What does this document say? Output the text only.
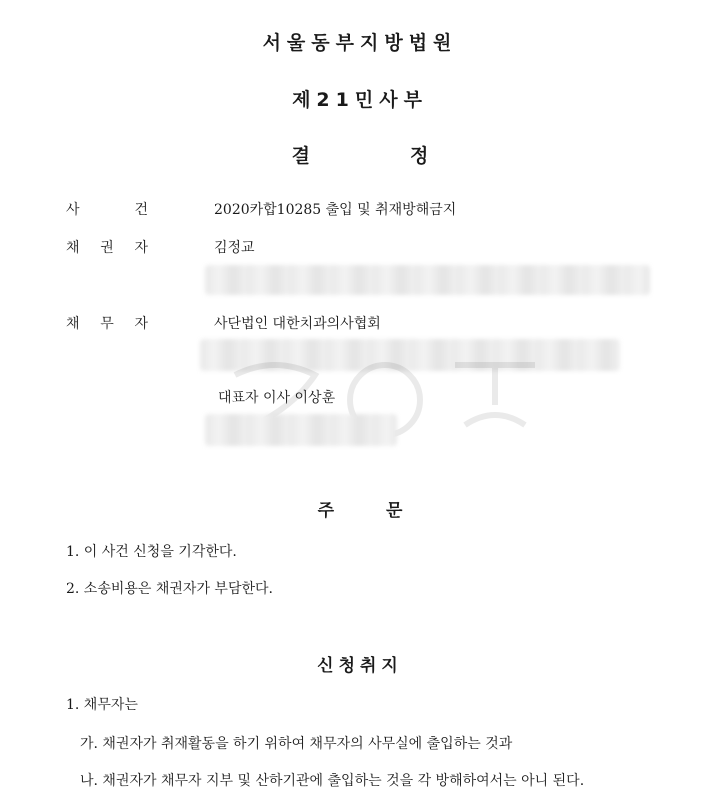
서울동부지방법원
제21민사부
결	정
사	건	2020카합10285 출입 및 취재방해금지
채 권 자	김정교
채 무 자	사단법인 대한치과의사협회
대표자 이사 이상훈
주	문
1. 이 사건 신청을 기각한다.
2. 소송비용은 채권자가 부담한다.
신청취지
1. 채무자는
가. 채권자가 취재활동을 하기 위하여 채무자의 사무실에 출입하는 것과
나. 채권자가 채무자 지부 및 산하기관에 출입하는 것을 각 방해하여서는 아니 된다.
